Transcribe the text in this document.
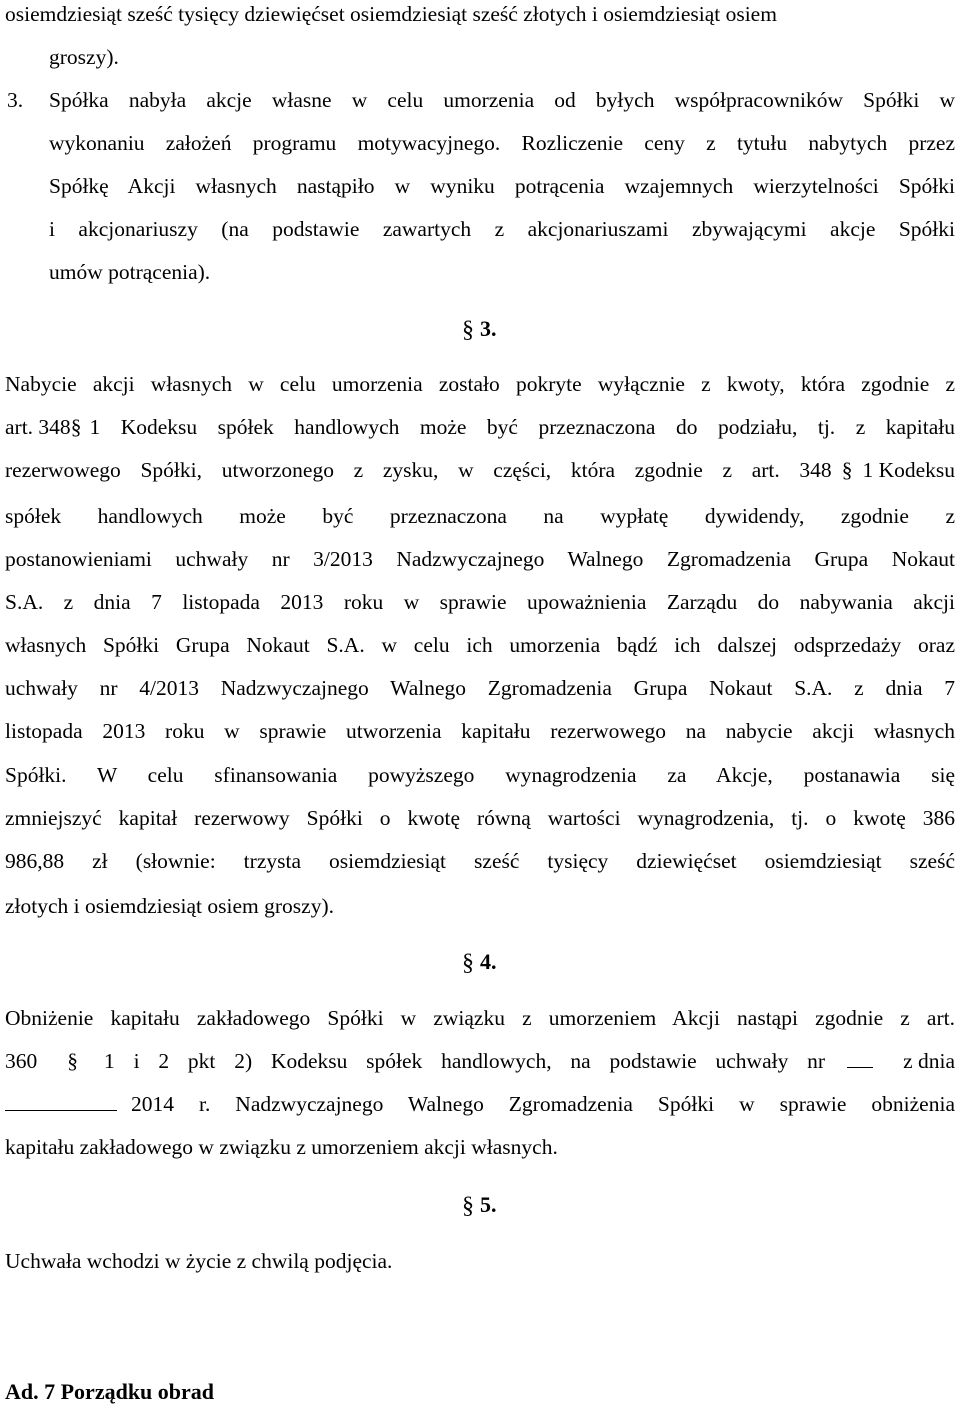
osiemdziesiąt sześć tysięcy dziewięćset osiemdziesiąt sześć złotych i osiemdziesiąt osiem
groszy).
3. Spółka nabyła akcje własne w celu umorzenia od byłych współpracowników Spółki w
wykonaniu założeń programu motywacyjnego. Rozliczenie ceny z tytułu nabytych przez
Spółkę Akcji własnych nastąpiło w wyniku potrącenia wzajemnych wierzytelności Spółki
i akcjonariuszy (na podstawie zawartych z akcjonariuszami zbywającymi akcje Spółki
umów potrącenia).
§ 3.
Nabycie akcji własnych w celu umorzenia zostało pokryte wyłącznie z kwoty, która zgodnie z
art. 348 § 1 Kodeksu spółek handlowych może być przeznaczona do podziału, tj. z kapitału
rezerwowego Spółki, utworzonego z zysku, w części, która zgodnie z art. 348 § 1 Kodeksu
spółek handlowych może być przeznaczona na wypłatę dywidendy, zgodnie z
postanowieniami uchwały nr 3/2013 Nadzwyczajnego Walnego Zgromadzenia Grupa Nokaut
S.A. z dnia 7 listopada 2013 roku w sprawie upoważnienia Zarządu do nabywania akcji
własnych Spółki Grupa Nokaut S.A. w celu ich umorzenia bądź ich dalszej odsprzedaży oraz
uchwały nr 4/2013 Nadzwyczajnego Walnego Zgromadzenia Grupa Nokaut S.A. z dnia 7
listopada 2013 roku w sprawie utworzenia kapitału rezerwowego na nabycie akcji własnych
Spółki. W celu sfinansowania powyższego wynagrodzenia za Akcje, postanawia się
zmniejszyć kapitał rezerwowy Spółki o kwotę równą wartości wynagrodzenia, tj. o kwotę 386
986,88 zł (słownie: trzysta osiemdziesiąt sześć tysięcy dziewięćset osiemdziesiąt sześć
złotych i osiemdziesiąt osiem groszy).
§ 4.
Obniżenie kapitału zakładowego Spółki w związku z umorzeniem Akcji nastąpi zgodnie z art.
360 § 1 i 2 pkt 2) Kodeksu spółek handlowych, na podstawie uchwały nr	z dnia
2014 r. Nadzwyczajnego Walnego Zgromadzenia Spółki w sprawie obniżenia
kapitału zakładowego w związku z umorzeniem akcji własnych.
§ 5.
Uchwała wchodzi w życie z chwilą podjęcia.
Ad. 7 Porządku obrad
